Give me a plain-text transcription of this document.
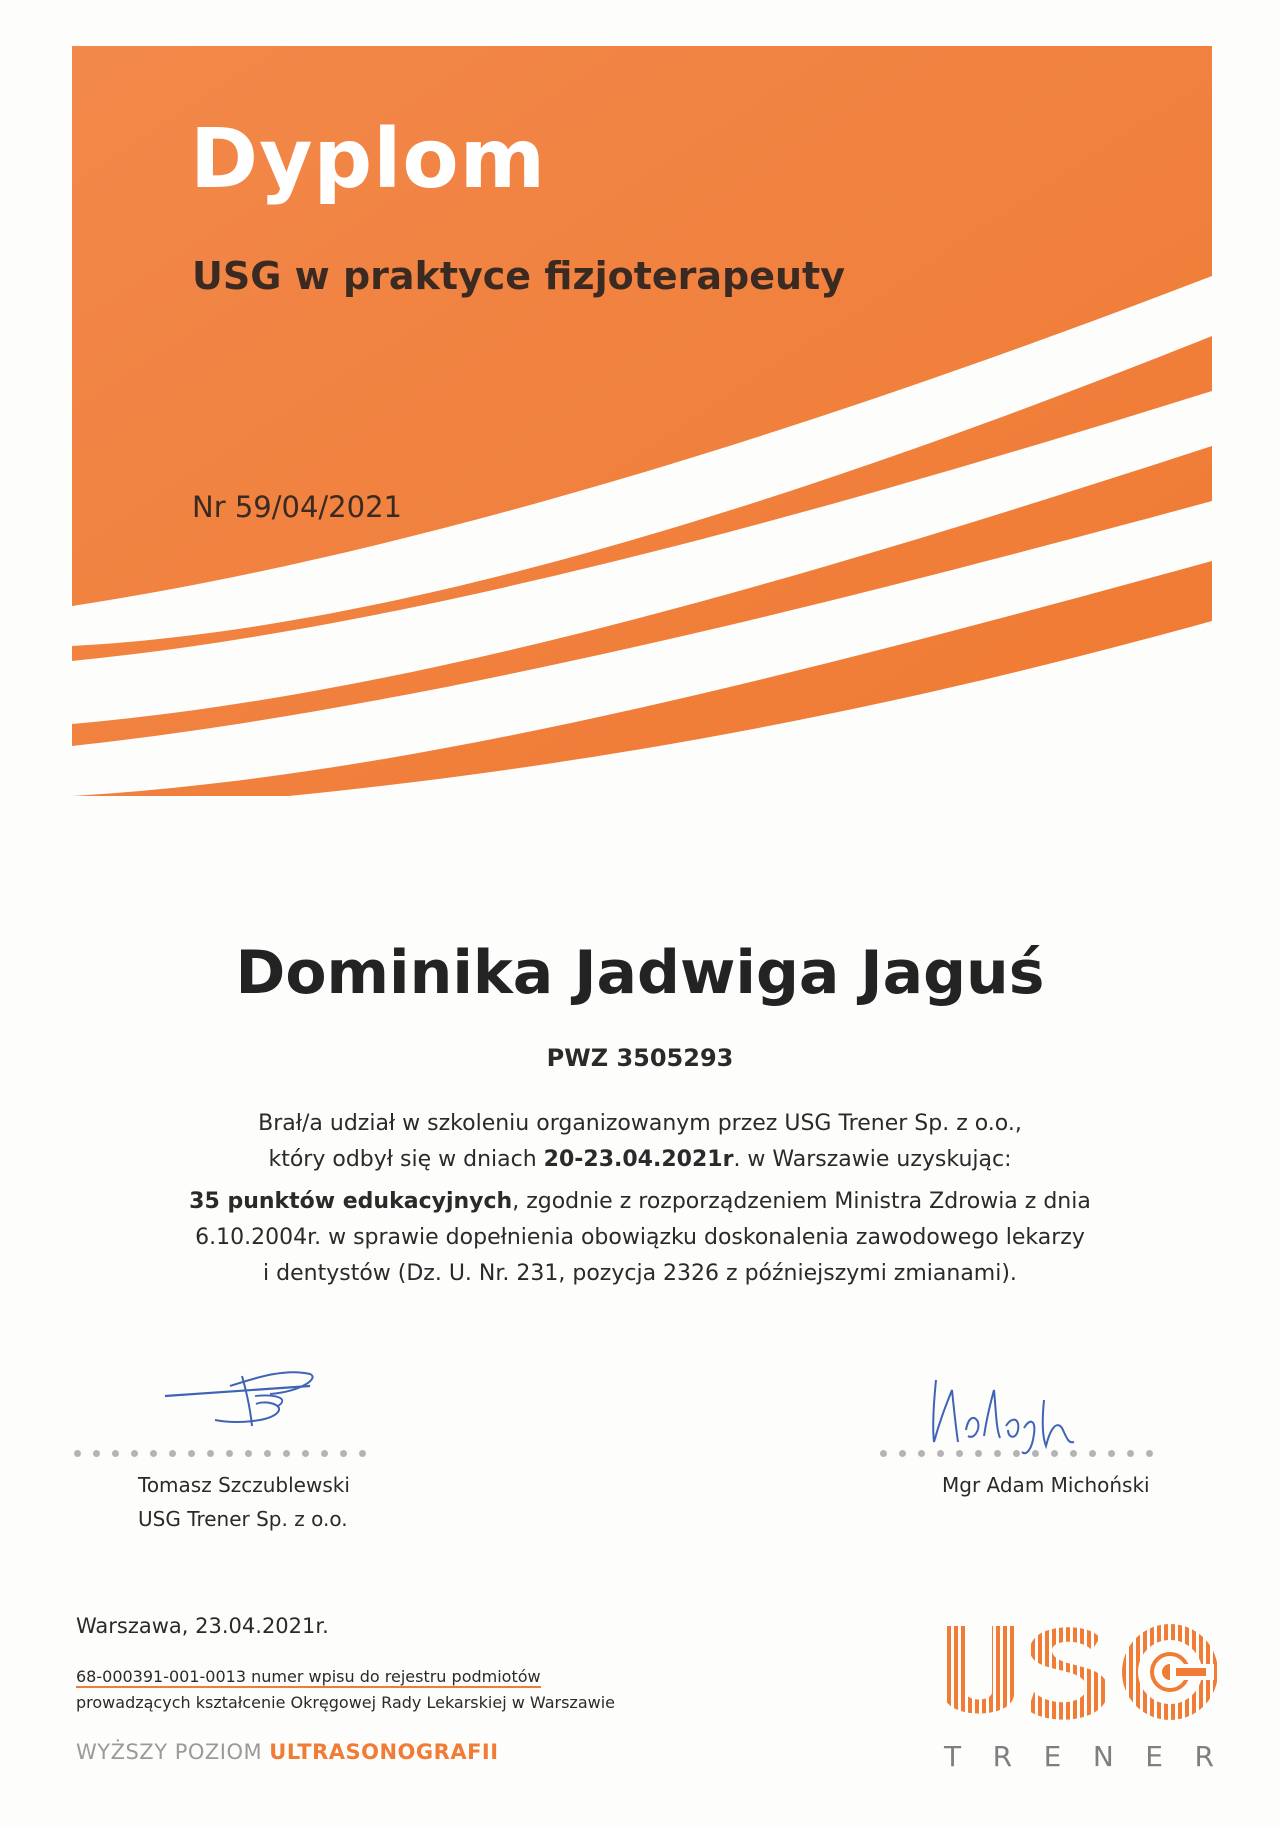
Dyplom
USG w praktyce fizjoterapeuty
Nr 59/04/2021
Dominika Jadwiga Jaguś
PWZ 3505293
Brał/a udział w szkoleniu organizowanym przez USG Trener Sp. z o.o.,
który odbył się w dniach 20-23.04.2021r. w Warszawie uzyskując:
35 punktów edukacyjnych, zgodnie z rozporządzeniem Ministra Zdrowia z dnia
6.10.2004r. w sprawie dopełnienia obowiązku doskonalenia zawodowego lekarzy
i dentystów (Dz. U. Nr. 231, pozycja 2326 z późniejszymi zmianami).
Tomasz Szczublewski
USG Trener Sp. z o.o.
Mgr Adam Michoński
Warszawa, 23.04.2021r.
68-000391-001-0013 numer wpisu do rejestru podmiotów
prowadzących kształcenie Okręgowej Rady Lekarskiej w Warszawie
WYŻSZY POZIOM ULTRASONOGRAFII
USG
T R E N E R
